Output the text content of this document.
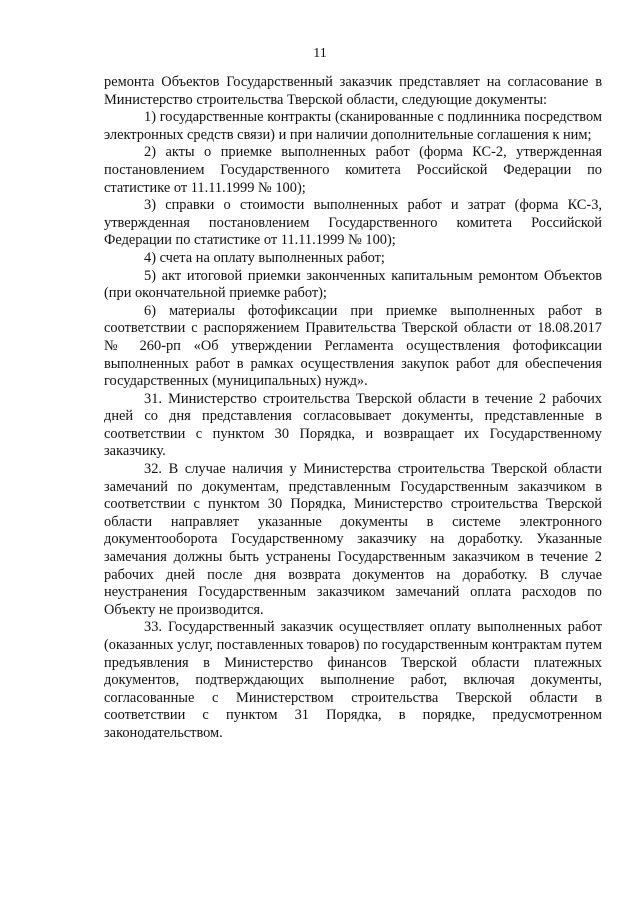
11

ремонта Объектов Государственный заказчик представляет на согласование в Министерство строительства Тверской области, следующие документы:

1) государственные контракты (сканированные с подлинника посредством электронных средств связи) и при наличии дополнительные соглашения к ним;

2) акты о приемке выполненных работ (форма КС-2, утвержденная постановлением Государственного комитета Российской Федерации по статистике от 11.11.1999 № 100);

3) справки о стоимости выполненных работ и затрат (форма КС-3, утвержденная постановлением Государственного комитета Российской Федерации по статистике от 11.11.1999 № 100);

4) счета на оплату выполненных работ;

5) акт итоговой приемки законченных капитальным ремонтом Объектов (при окончательной приемке работ);

6) материалы фотофиксации при приемке выполненных работ в соответствии с распоряжением Правительства Тверской области от 18.08.2017 № 260-рп «Об утверждении Регламента осуществления фотофиксации выполненных работ в рамках осуществления закупок работ для обеспечения государственных (муниципальных) нужд».

31. Министерство строительства Тверской области в течение 2 рабочих дней со дня представления согласовывает документы, представленные в соответствии с пунктом 30 Порядка, и возвращает их Государственному заказчику.

32. В случае наличия у Министерства строительства Тверской области замечаний по документам, представленным Государственным заказчиком в соответствии с пунктом 30 Порядка, Министерство строительства Тверской области направляет указанные документы в системе электронного документооборота Государственному заказчику на доработку. Указанные замечания должны быть устранены Государственным заказчиком в течение 2 рабочих дней после дня возврата документов на доработку. В случае неустранения Государственным заказчиком замечаний оплата расходов по Объекту не производится.

33. Государственный заказчик осуществляет оплату выполненных работ (оказанных услуг, поставленных товаров) по государственным контрактам путем предъявления в Министерство финансов Тверской области платежных документов, подтверждающих выполнение работ, включая документы, согласованные с Министерством строительства Тверской области в соответствии с пунктом 31 Порядка, в порядке, предусмотренном законодательством.
